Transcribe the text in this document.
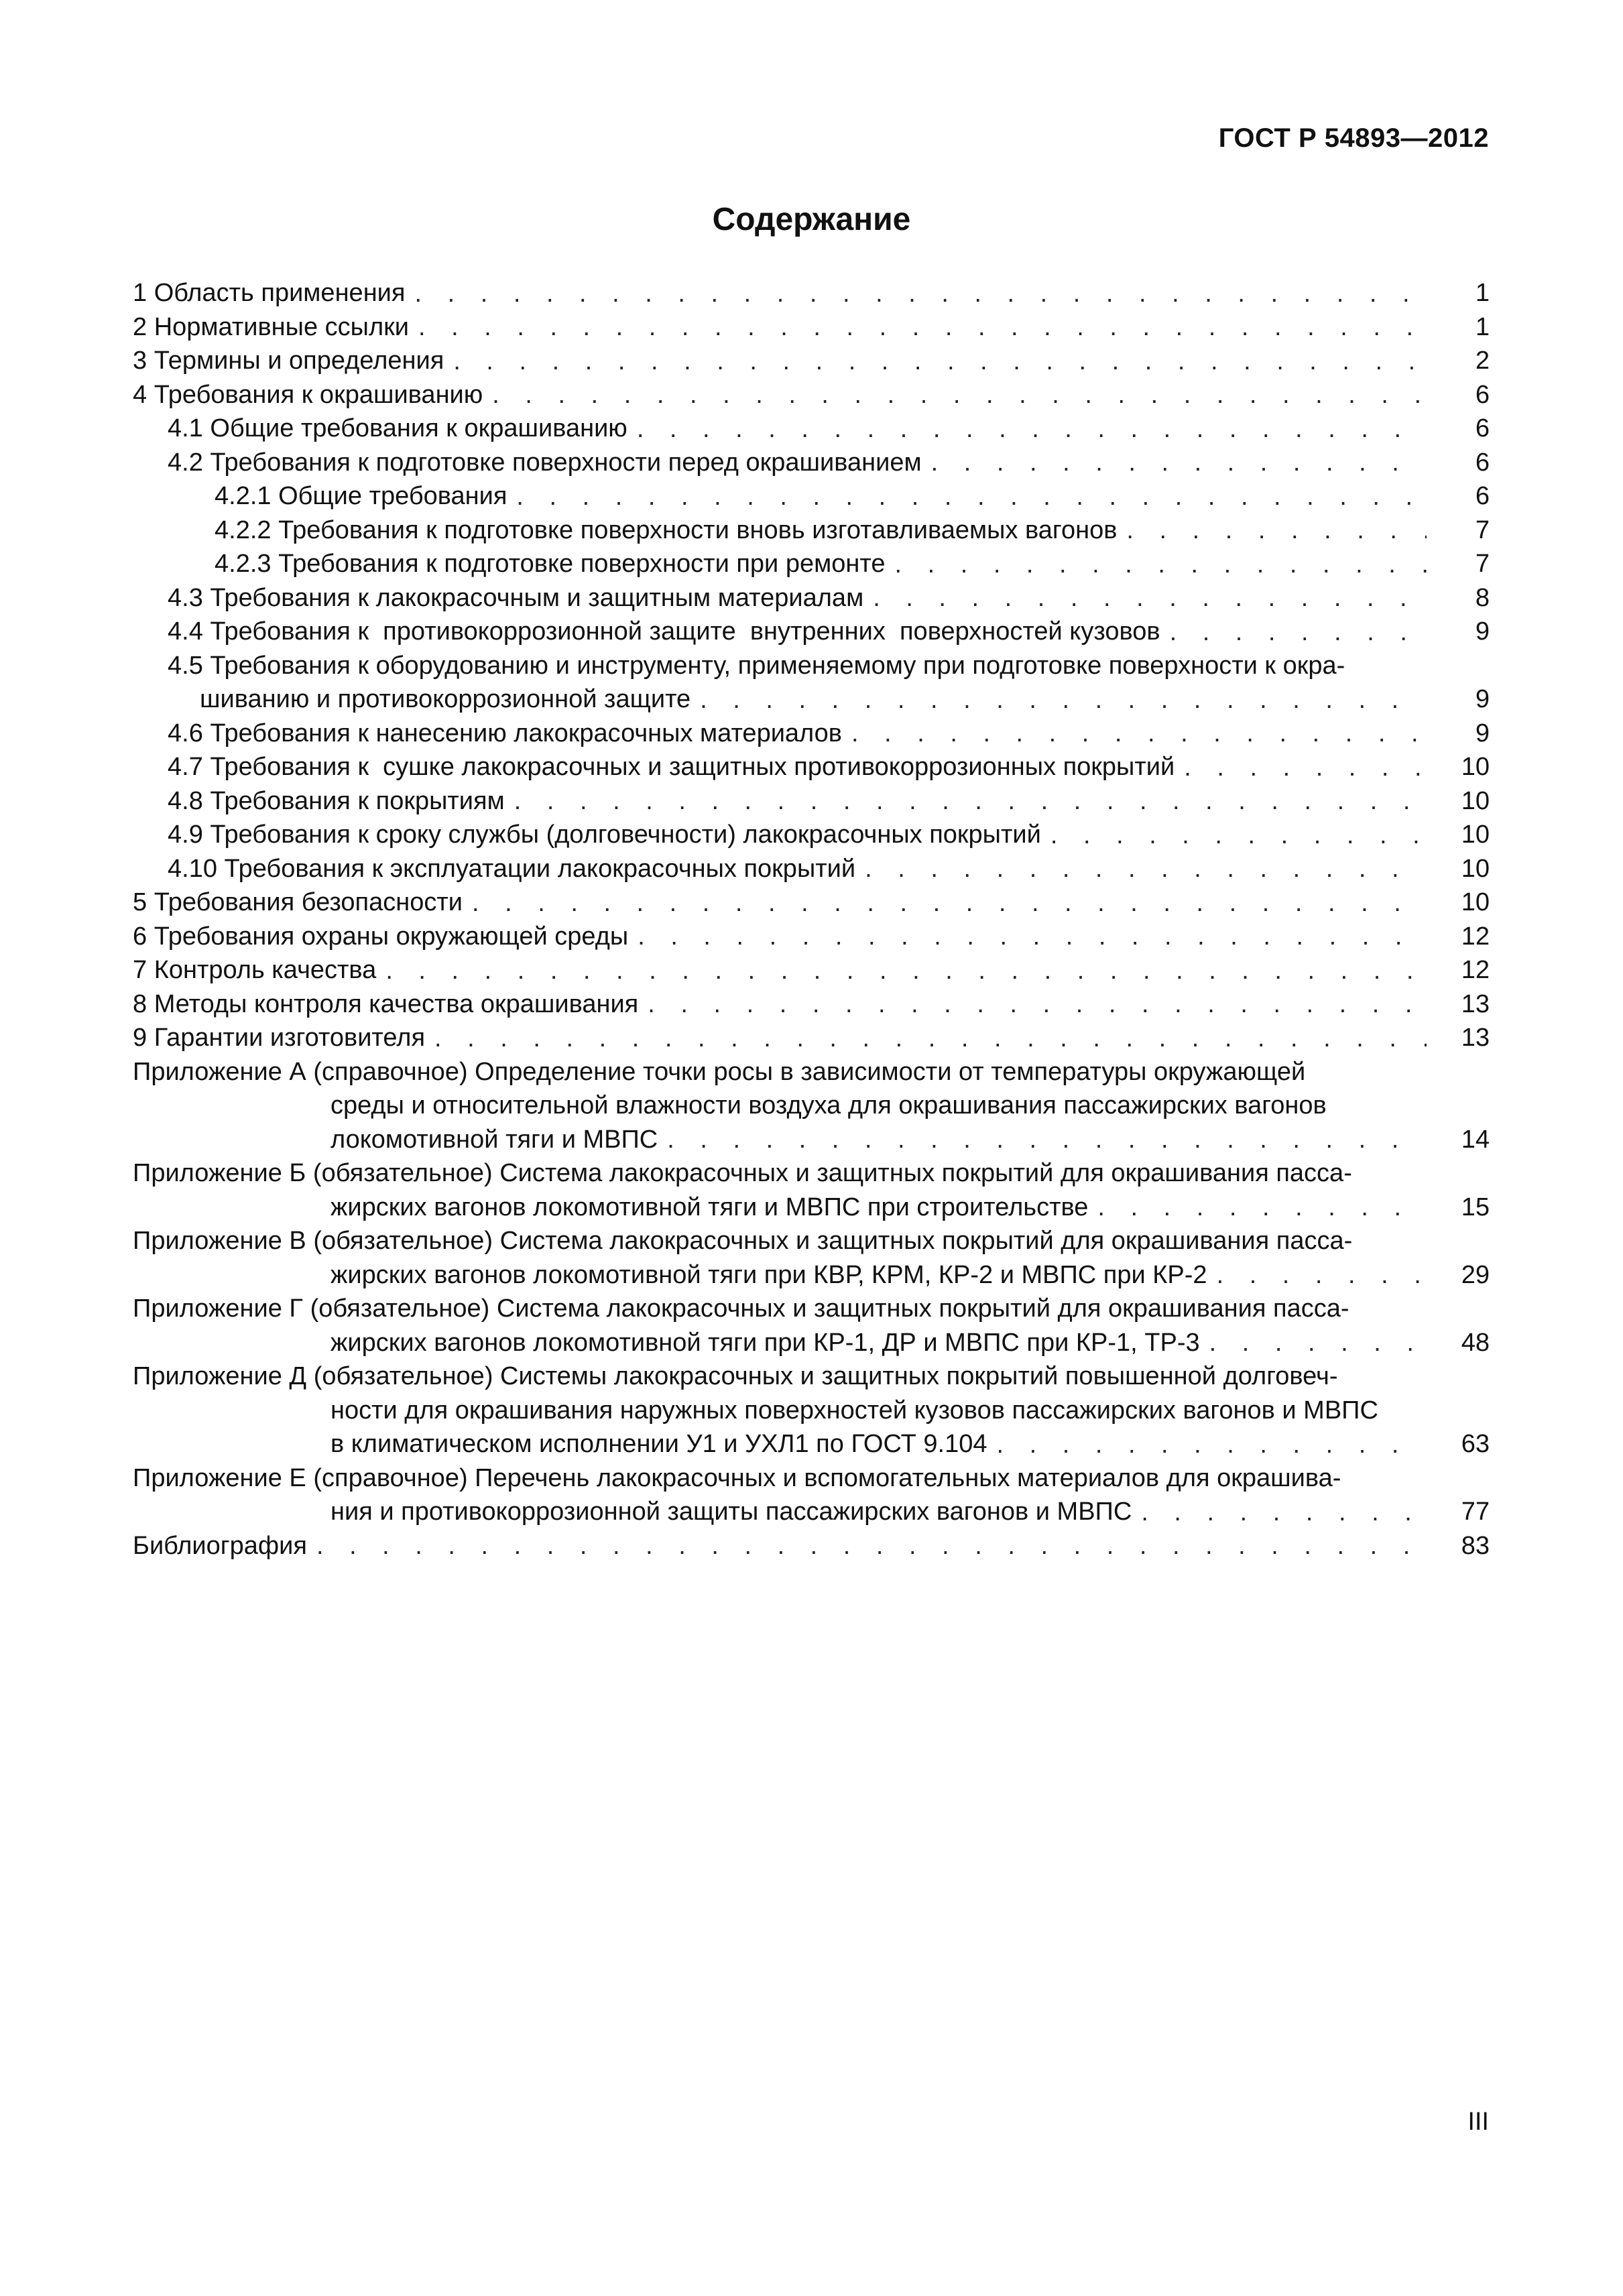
ГОСТ Р 54893—2012
Содержание
1 Область применения . . .	1
2 Нормативные ссылки . . .	1
3 Термины и определения . . .	2
4 Требования к окрашиванию . . .	6
4.1 Общие требования к окрашиванию . . .	6
4.2 Требования к подготовке поверхности перед окрашиванием . . .	6
4.2.1 Общие требования . . .	6
4.2.2 Требования к подготовке поверхности вновь изготавливаемых вагонов . . .	7
4.2.3 Требования к подготовке поверхности при ремонте . . .	7
4.3 Требования к лакокрасочным и защитным материалам . . .	8
4.4 Требования к  противокоррозионной защите  внутренних  поверхностей кузовов . . .	9
4.5 Требования к оборудованию и инструменту, применяемому при подготовке поверхности к окра-
шиванию и противокоррозионной защите . . .	9
4.6 Требования к нанесению лакокрасочных материалов . . .	9
4.7 Требования к  сушке лакокрасочных и защитных противокоррозионных покрытий . . .	10
4.8 Требования к покрытиям . . .	10
4.9 Требования к сроку службы (долговечности) лакокрасочных покрытий . . .	10
4.10 Требования к эксплуатации лакокрасочных покрытий . . .	10
5 Требования безопасности . . .	10
6 Требования охраны окружающей среды . . .	12
7 Контроль качества . . .	12
8 Методы контроля качества окрашивания . . .	13
9 Гарантии изготовителя . . .	13
Приложение А (справочное) Определение точки росы в зависимости от температуры окружающей
среды и относительной влажности воздуха для окрашивания пассажирских вагонов
локомотивной тяги и МВПС . . .	14
Приложение Б (обязательное) Система лакокрасочных и защитных покрытий для окрашивания пасса-
жирских вагонов локомотивной тяги и МВПС при строительстве . . .	15
Приложение В (обязательное) Система лакокрасочных и защитных покрытий для окрашивания пасса-
жирских вагонов локомотивной тяги при КВР, КРМ, КР-2 и МВПС при КР-2 . . .	29
Приложение Г (обязательное) Система лакокрасочных и защитных покрытий для окрашивания пасса-
жирских вагонов локомотивной тяги при КР-1, ДР и МВПС при КР-1, ТР-3 . . .	48
Приложение Д (обязательное) Системы лакокрасочных и защитных покрытий повышенной долговеч-
ности для окрашивания наружных поверхностей кузовов пассажирских вагонов и МВПС
в климатическом исполнении У1 и УХЛ1 по ГОСТ 9.104 . . .	63
Приложение Е (справочное) Перечень лакокрасочных и вспомогательных материалов для окрашива-
ния и противокоррозионной защиты пассажирских вагонов и МВПС . . .	77
Библиография . . .	83
III
